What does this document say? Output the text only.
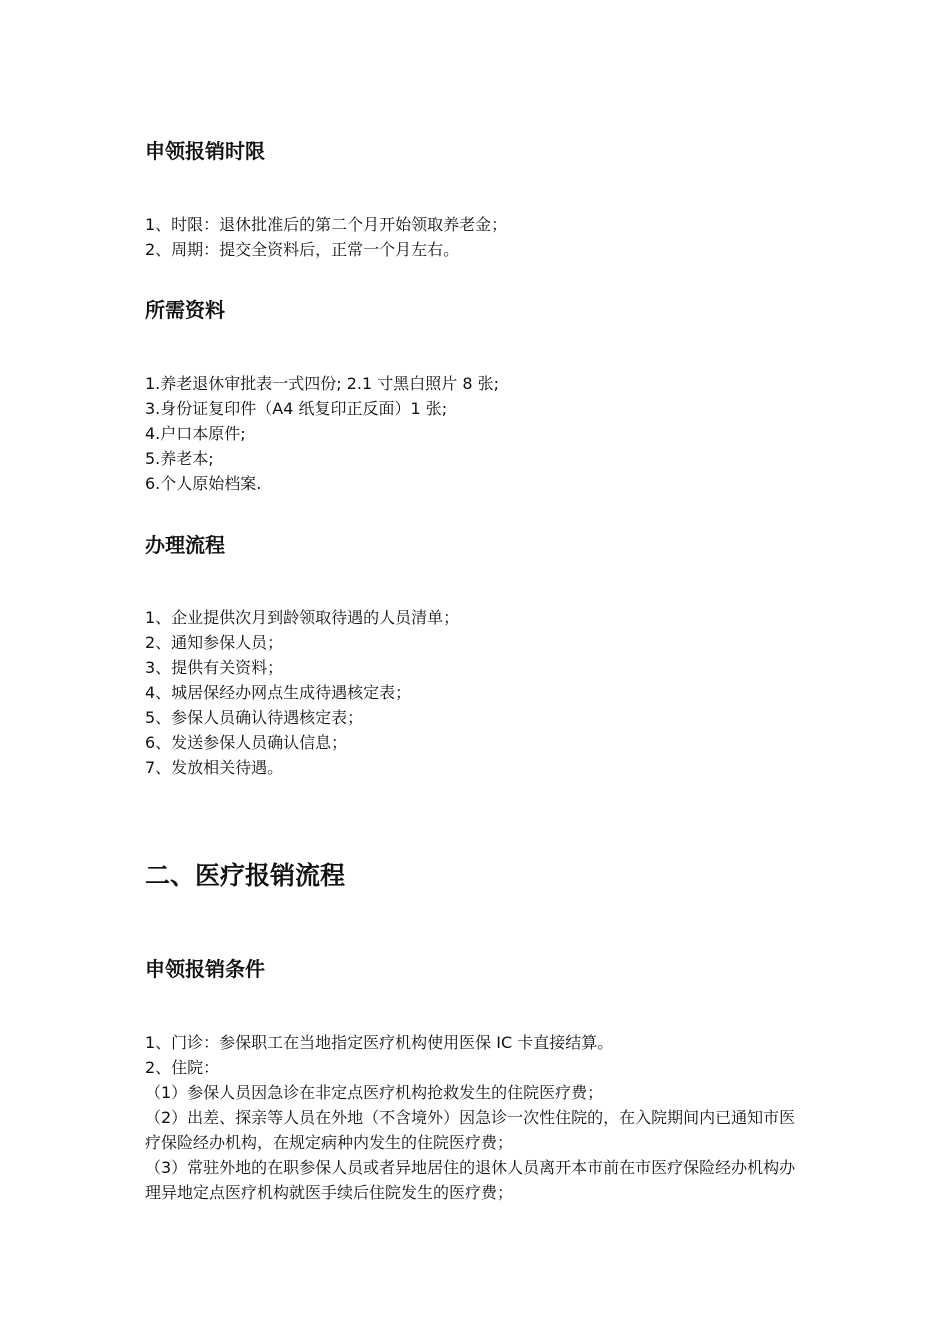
申领报销时限
1、时限：退休批准后的第二个月开始领取养老金；
2、周期：提交全资料后，正常一个月左右。
所需资料
1.养老退休审批表一式四份; 2.1 寸黑白照片 8 张;
3.身份证复印件（A4 纸复印正反面）1 张;
4.户口本原件;
5.养老本;
6.个人原始档案.
办理流程
1、企业提供次月到龄领取待遇的人员清单；
2、通知参保人员；
3、提供有关资料；
4、城居保经办网点生成待遇核定表；
5、参保人员确认待遇核定表；
6、发送参保人员确认信息；
7、发放相关待遇。
二、医疗报销流程
申领报销条件
1、门诊：参保职工在当地指定医疗机构使用医保 IC 卡直接结算。
2、住院：
（1）参保人员因急诊在非定点医疗机构抢救发生的住院医疗费；
（2）出差、探亲等人员在外地（不含境外）因急诊一次性住院的，在入院期间内已通知市医疗保险经办机构，在规定病种内发生的住院医疗费；
（3）常驻外地的在职参保人员或者异地居住的退休人员离开本市前在市医疗保险经办机构办理异地定点医疗机构就医手续后住院发生的医疗费；
